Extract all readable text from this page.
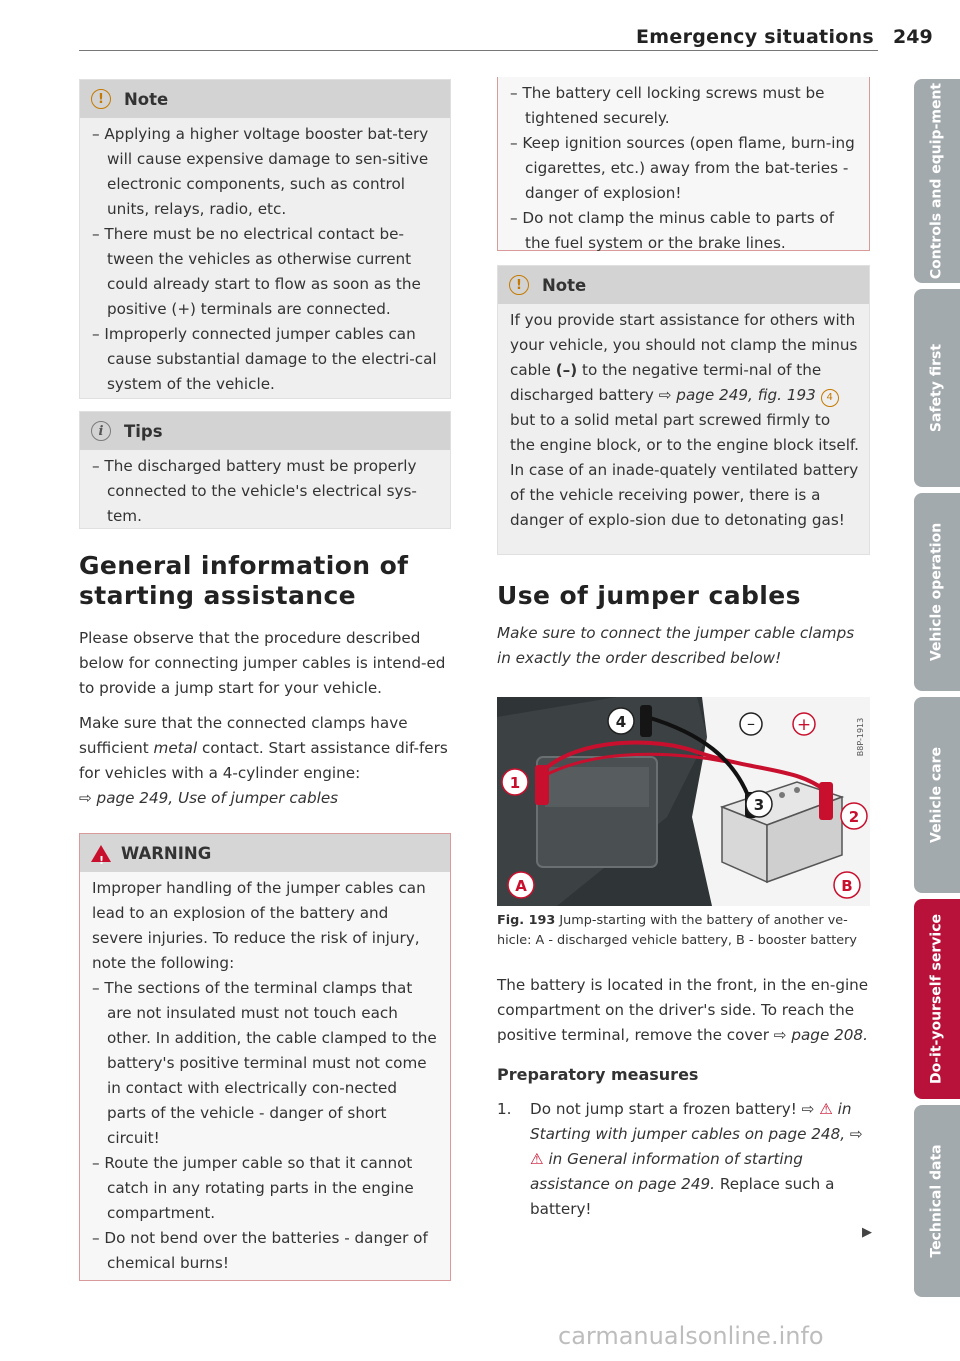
Emergency situations 249
!	Note
– Applying a higher voltage booster bat-tery will cause expensive damage to sen-sitive electronic components, such as control units, relays, radio, etc.
– There must be no electrical contact be-tween the vehicles as otherwise current could already start to flow as soon as the positive (+) terminals are connected.
– Improperly connected jumper cables can cause substantial damage to the electri-cal system of the vehicle.
i	Tips
– The discharged battery must be properly connected to the vehicle's electrical sys-tem.
General information of starting assistance

Please observe that the procedure described below for connecting jumper cables is intend-ed to provide a jump start for your vehicle.

Make sure that the connected clamps have sufficient metal contact. Start assistance dif-fers for vehicles with a 4-cylinder engine:
⇨ page 249, Use of jumper cables

!
WARNING

Improper handling of the jumper cables can lead to an explosion of the battery and severe injuries. To reduce the risk of injury, note the following:

– The sections of the terminal clamps that are not insulated must not touch each other. In addition, the cable clamped to the battery's positive terminal must not come in contact with electrically con-nected parts of the vehicle - danger of short circuit!
– Route the jumper cable so that it cannot catch in any rotating parts in the engine compartment.
– Do not bend over the batteries - danger of chemical burns!
– The battery cell locking screws must be tightened securely.
– Keep ignition sources (open flame, burn-ing cigarettes, etc.) away from the bat-teries - danger of explosion!
– Do not clamp the minus cable to parts of the fuel system or the brake lines.
!	Note

If you provide start assistance for others with your vehicle, you should not clamp the minus cable (–) to the negative termi-nal of the discharged battery ⇨ page 249, fig. 193 4 but to a solid metal part screwed firmly to the engine block, or to the engine block itself. In case of an inade-quately ventilated battery of the vehicle receiving power, there is a danger of explo-sion due to detonating gas!

Use of jumper cables

Make sure to connect the jumper cable clamps in exactly the order described below!

– +
4
1
3
2
A	B
B8P-1913
Fig. 193 Jump-starting with the battery of another ve-hicle: A - discharged vehicle battery, B - booster battery

The battery is located in the front, in the en-gine compartment on the driver's side. To reach the positive terminal, remove the cover ⇨ page 208.

Preparatory measures
1.	Do not jump start a frozen battery! ⇨ ⚠ in Starting with jumper cables on page 248, ⇨ ⚠ in General information of starting assistance on page 249. Replace such a battery!
▶
Controls and equip-ment
Safety first
Vehicle operation
Vehicle care
Do-it-yourself service
Technical data
carmanualsonline.info
